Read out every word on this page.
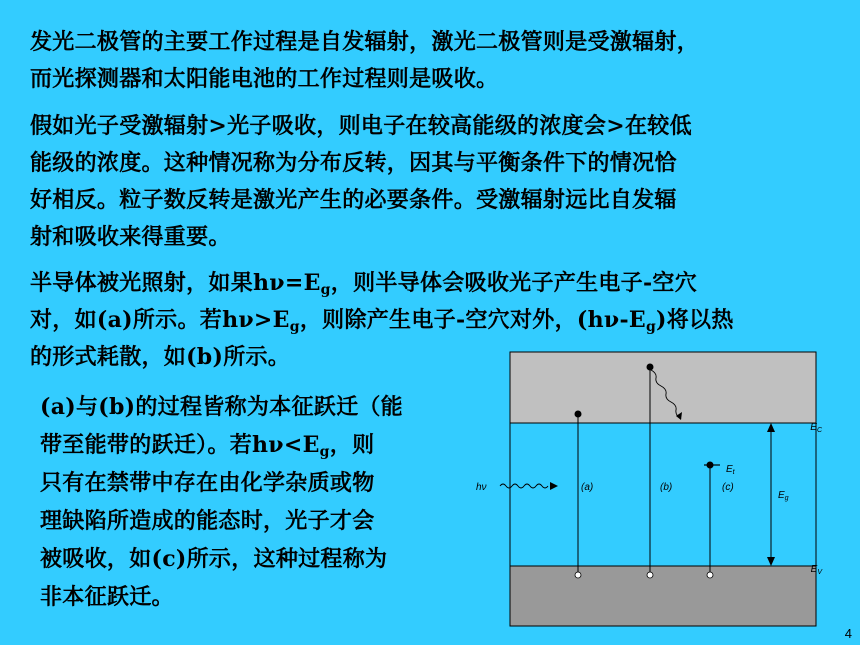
发光二极管的主要工作过程是自发辐射，激光二极管则是受激辐射，
而光探测器和太阳能电池的工作过程则是吸收。

假如光子受激辐射>光子吸收，则电子在较高能级的浓度会>在较低
能级的浓度。这种情况称为分布反转，因其与平衡条件下的情况恰
好相反。粒子数反转是激光产生的必要条件。受激辐射远比自发辐
射和吸收来得重要。

半导体被光照射，如果$h\nu=E_g$，则半导体会吸收光子产生电子-空穴
对，如(a)所示。若$h\nu>E_g$，则除产生电子-空穴对外，$(h\nu-E_g)$将以热
的形式耗散，如(b)所示。

(a)与(b)的过程皆称为本征跃迁（能
带至能带的跃迁）。若$h\nu<E_g$，则
只有在禁带中存在由化学杂质或物
理缺陷所造成的能态时，光子才会
被吸收，如(c)所示，这种过程称为
非本征跃迁。

hν	(a)	(b)	(c)
$E_t$
$E_g$
$E_C$
$E_V$
4
